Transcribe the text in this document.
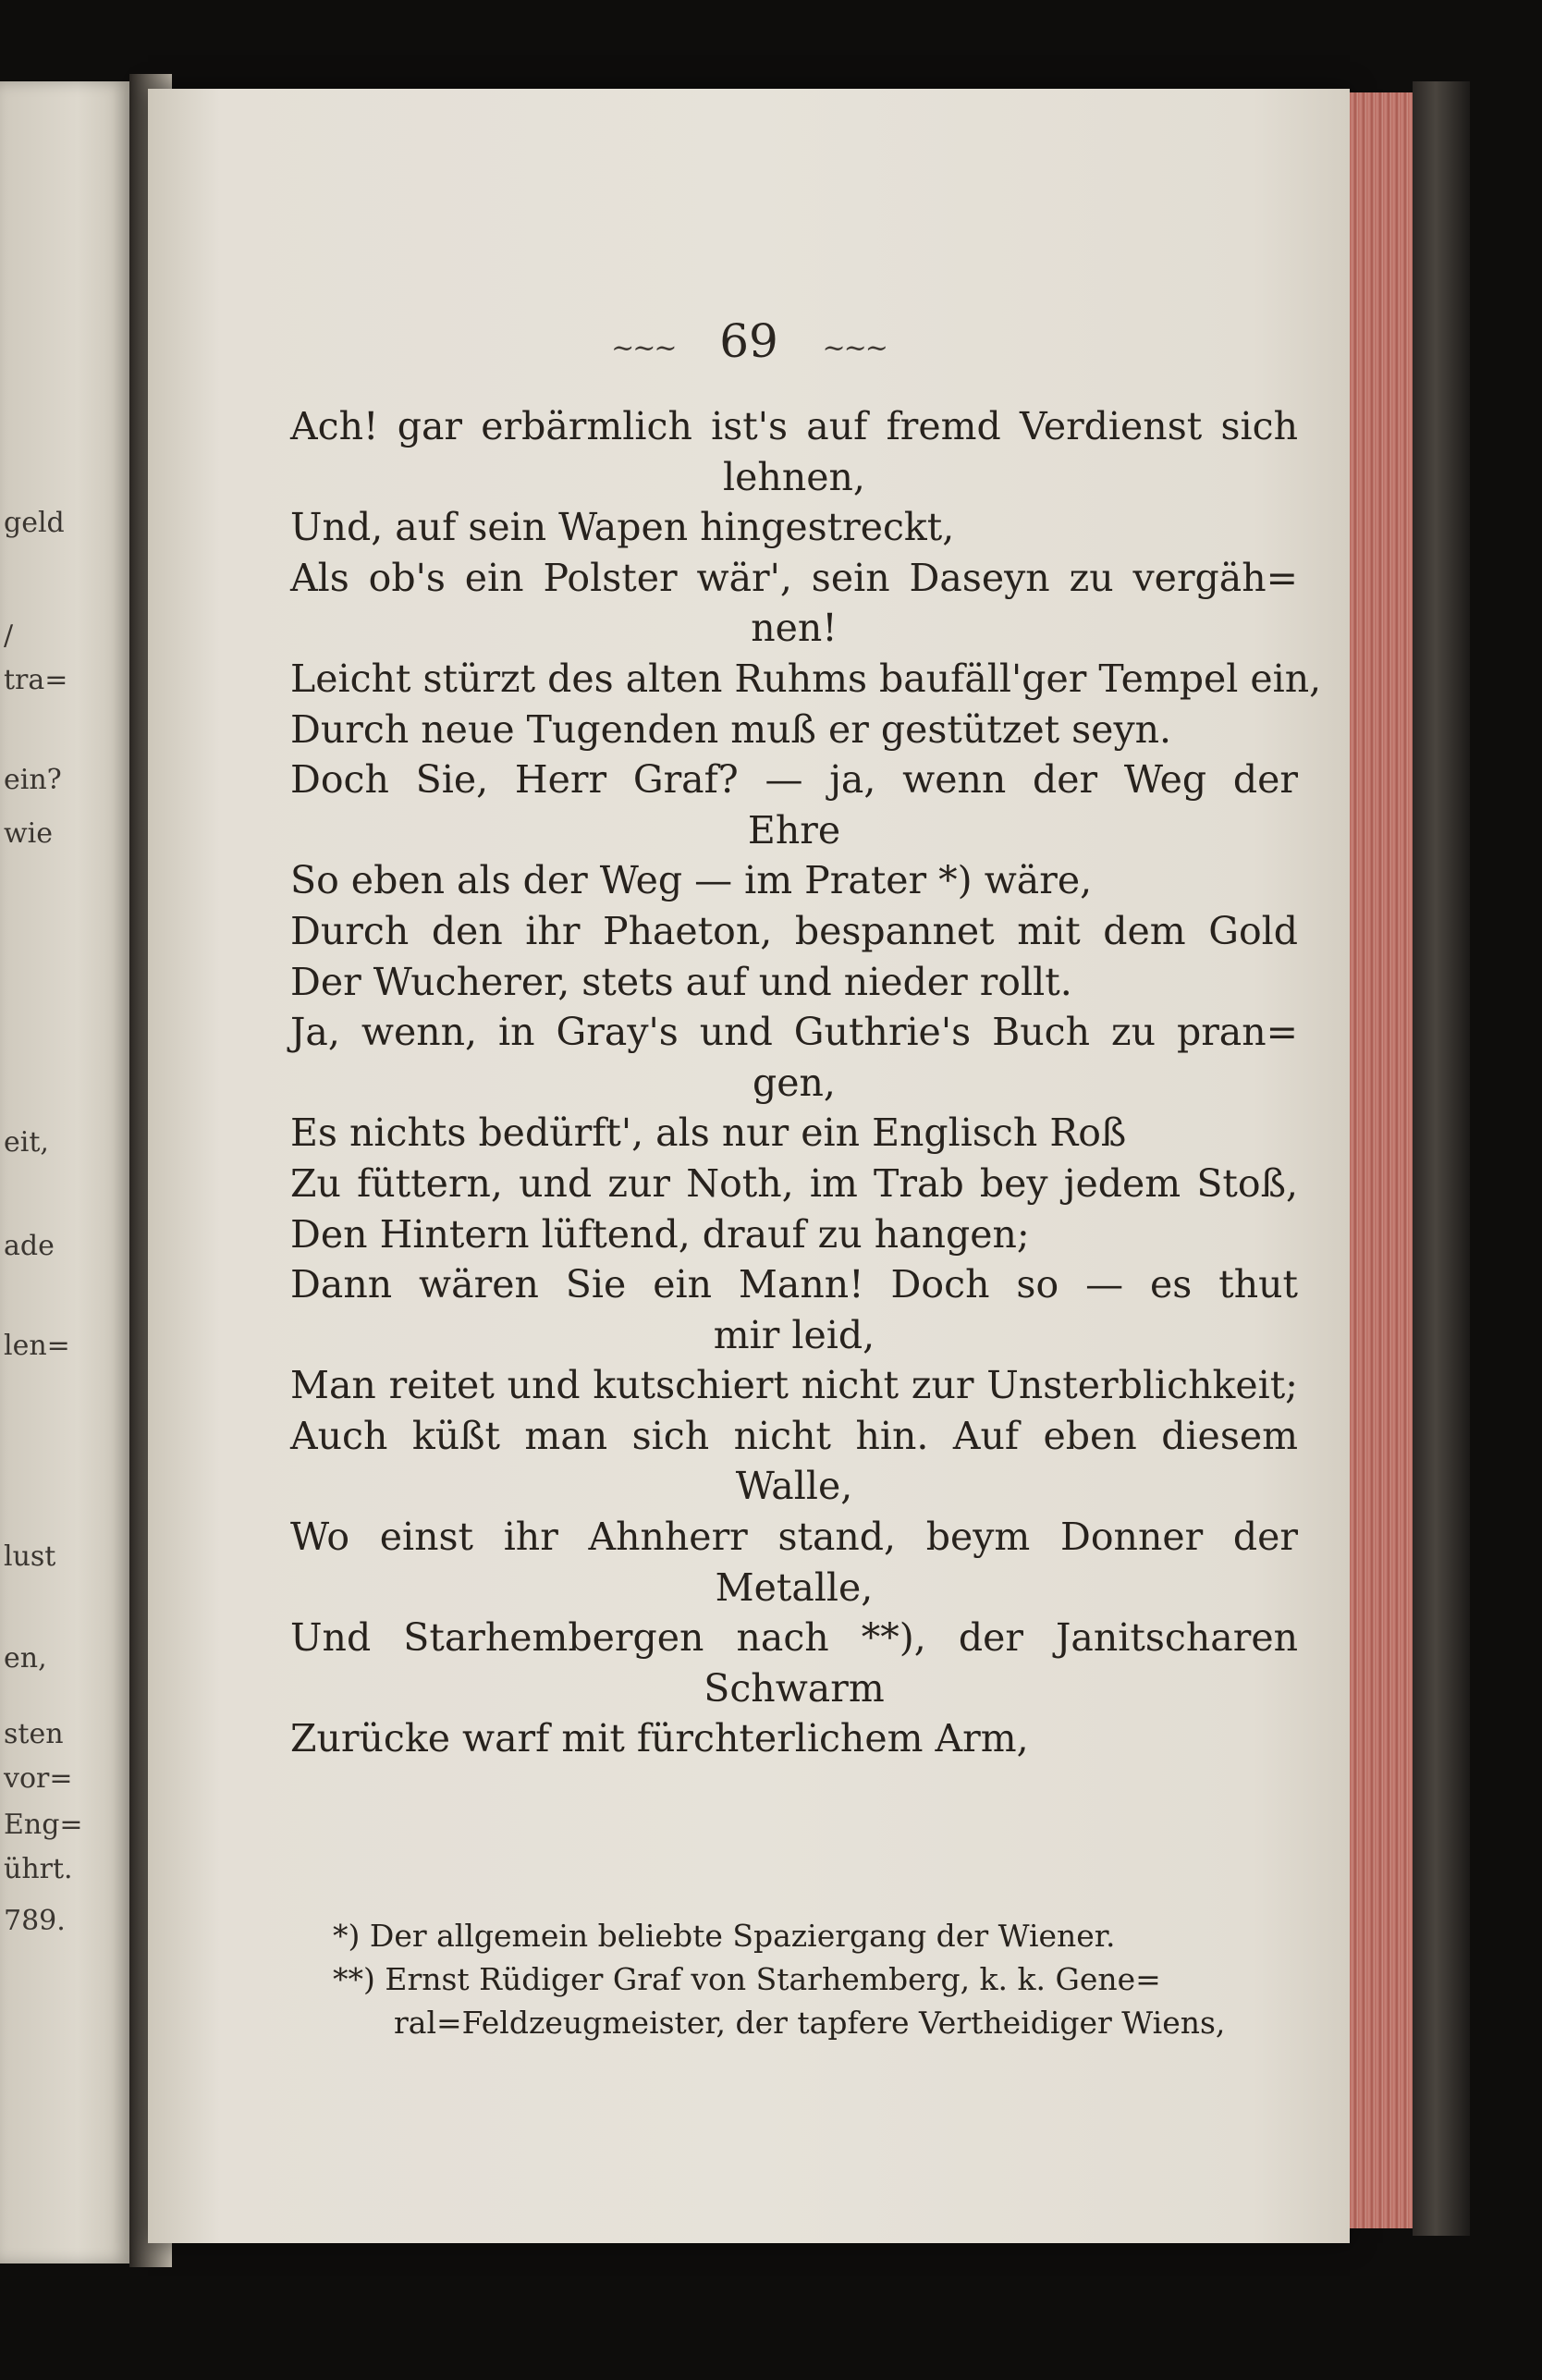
geld
/
tra=
ein?
wie
eit,
ade
len=
lust
en,
sten
vor=
Eng=
ührt.
789.
~~~ 69 ~~~
Ach! gar erbärmlich ist's auf fremd Verdienst sich
lehnen,
Und, auf sein Wapen hingestreckt,
Als ob's ein Polster wär', sein Daseyn zu vergäh=
nen!
Leicht stürzt des alten Ruhms baufäll'ger Tempel ein,
Durch neue Tugenden muß er gestützet seyn.
Doch Sie, Herr Graf? — ja, wenn der Weg der
Ehre
So eben als der Weg — im Prater *) wäre,
Durch den ihr Phaeton, bespannet mit dem Gold
Der Wucherer, stets auf und nieder rollt.
Ja, wenn, in Gray's und Guthrie's Buch zu pran=
gen,
Es nichts bedürft', als nur ein Englisch Roß
Zu füttern, und zur Noth, im Trab bey jedem Stoß,
Den Hintern lüftend, drauf zu hangen;
Dann wären Sie ein Mann! Doch so — es thut
mir leid,
Man reitet und kutschiert nicht zur Unsterblichkeit;
Auch küßt man sich nicht hin. Auf eben diesem
Walle,
Wo einst ihr Ahnherr stand, beym Donner der
Metalle,
Und Starhembergen nach **), der Janitscharen
Schwarm
Zurücke warf mit fürchterlichem Arm,
*) Der allgemein beliebte Spaziergang der Wiener.
**) Ernst Rüdiger Graf von Starhemberg, k. k. Gene=
ral=Feldzeugmeister, der tapfere Vertheidiger Wiens,
